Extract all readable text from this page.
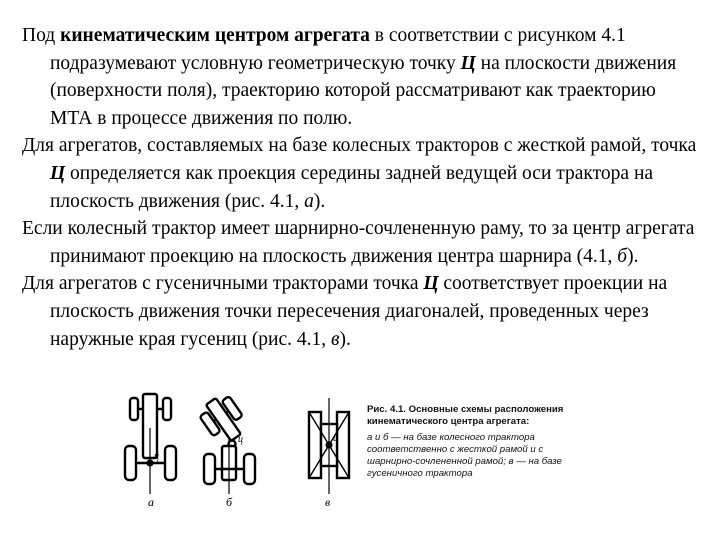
Под кинематическим центром агрегата в соответствии с рисунком 4.1 подразумевают условную геометрическую точку Ц на плоскости движения (поверхности поля), траекторию которой рассматривают как траекторию МТА в процессе движения по полю.

Для агрегатов, составляемых на базе колесных тракторов с жесткой рамой, точка Ц определяется как проекция середины задней ведущей оси трактора на плоскость движения (рис. 4.1, а).

Если колесный трактор имеет шарнирно-сочлененную раму, то за центр агрегата принимают проекцию на плоскость движения центра шарнира (4.1, б).

Для агрегатов с гусеничными тракторами точка Ц соответствует проекции на плоскость движения точки пересечения диагоналей, проведенных через наружные края гусениц (рис. 4.1, в).

а	б	в
ц
ц	ц
Рис. 4.1. Основные схемы расположения кинематического центра агрегата:
а и б — на базе колесного трактора соответственно с жесткой рамой и с шарнирно-сочлененной рамой; в — на базе гусеничного трактора
